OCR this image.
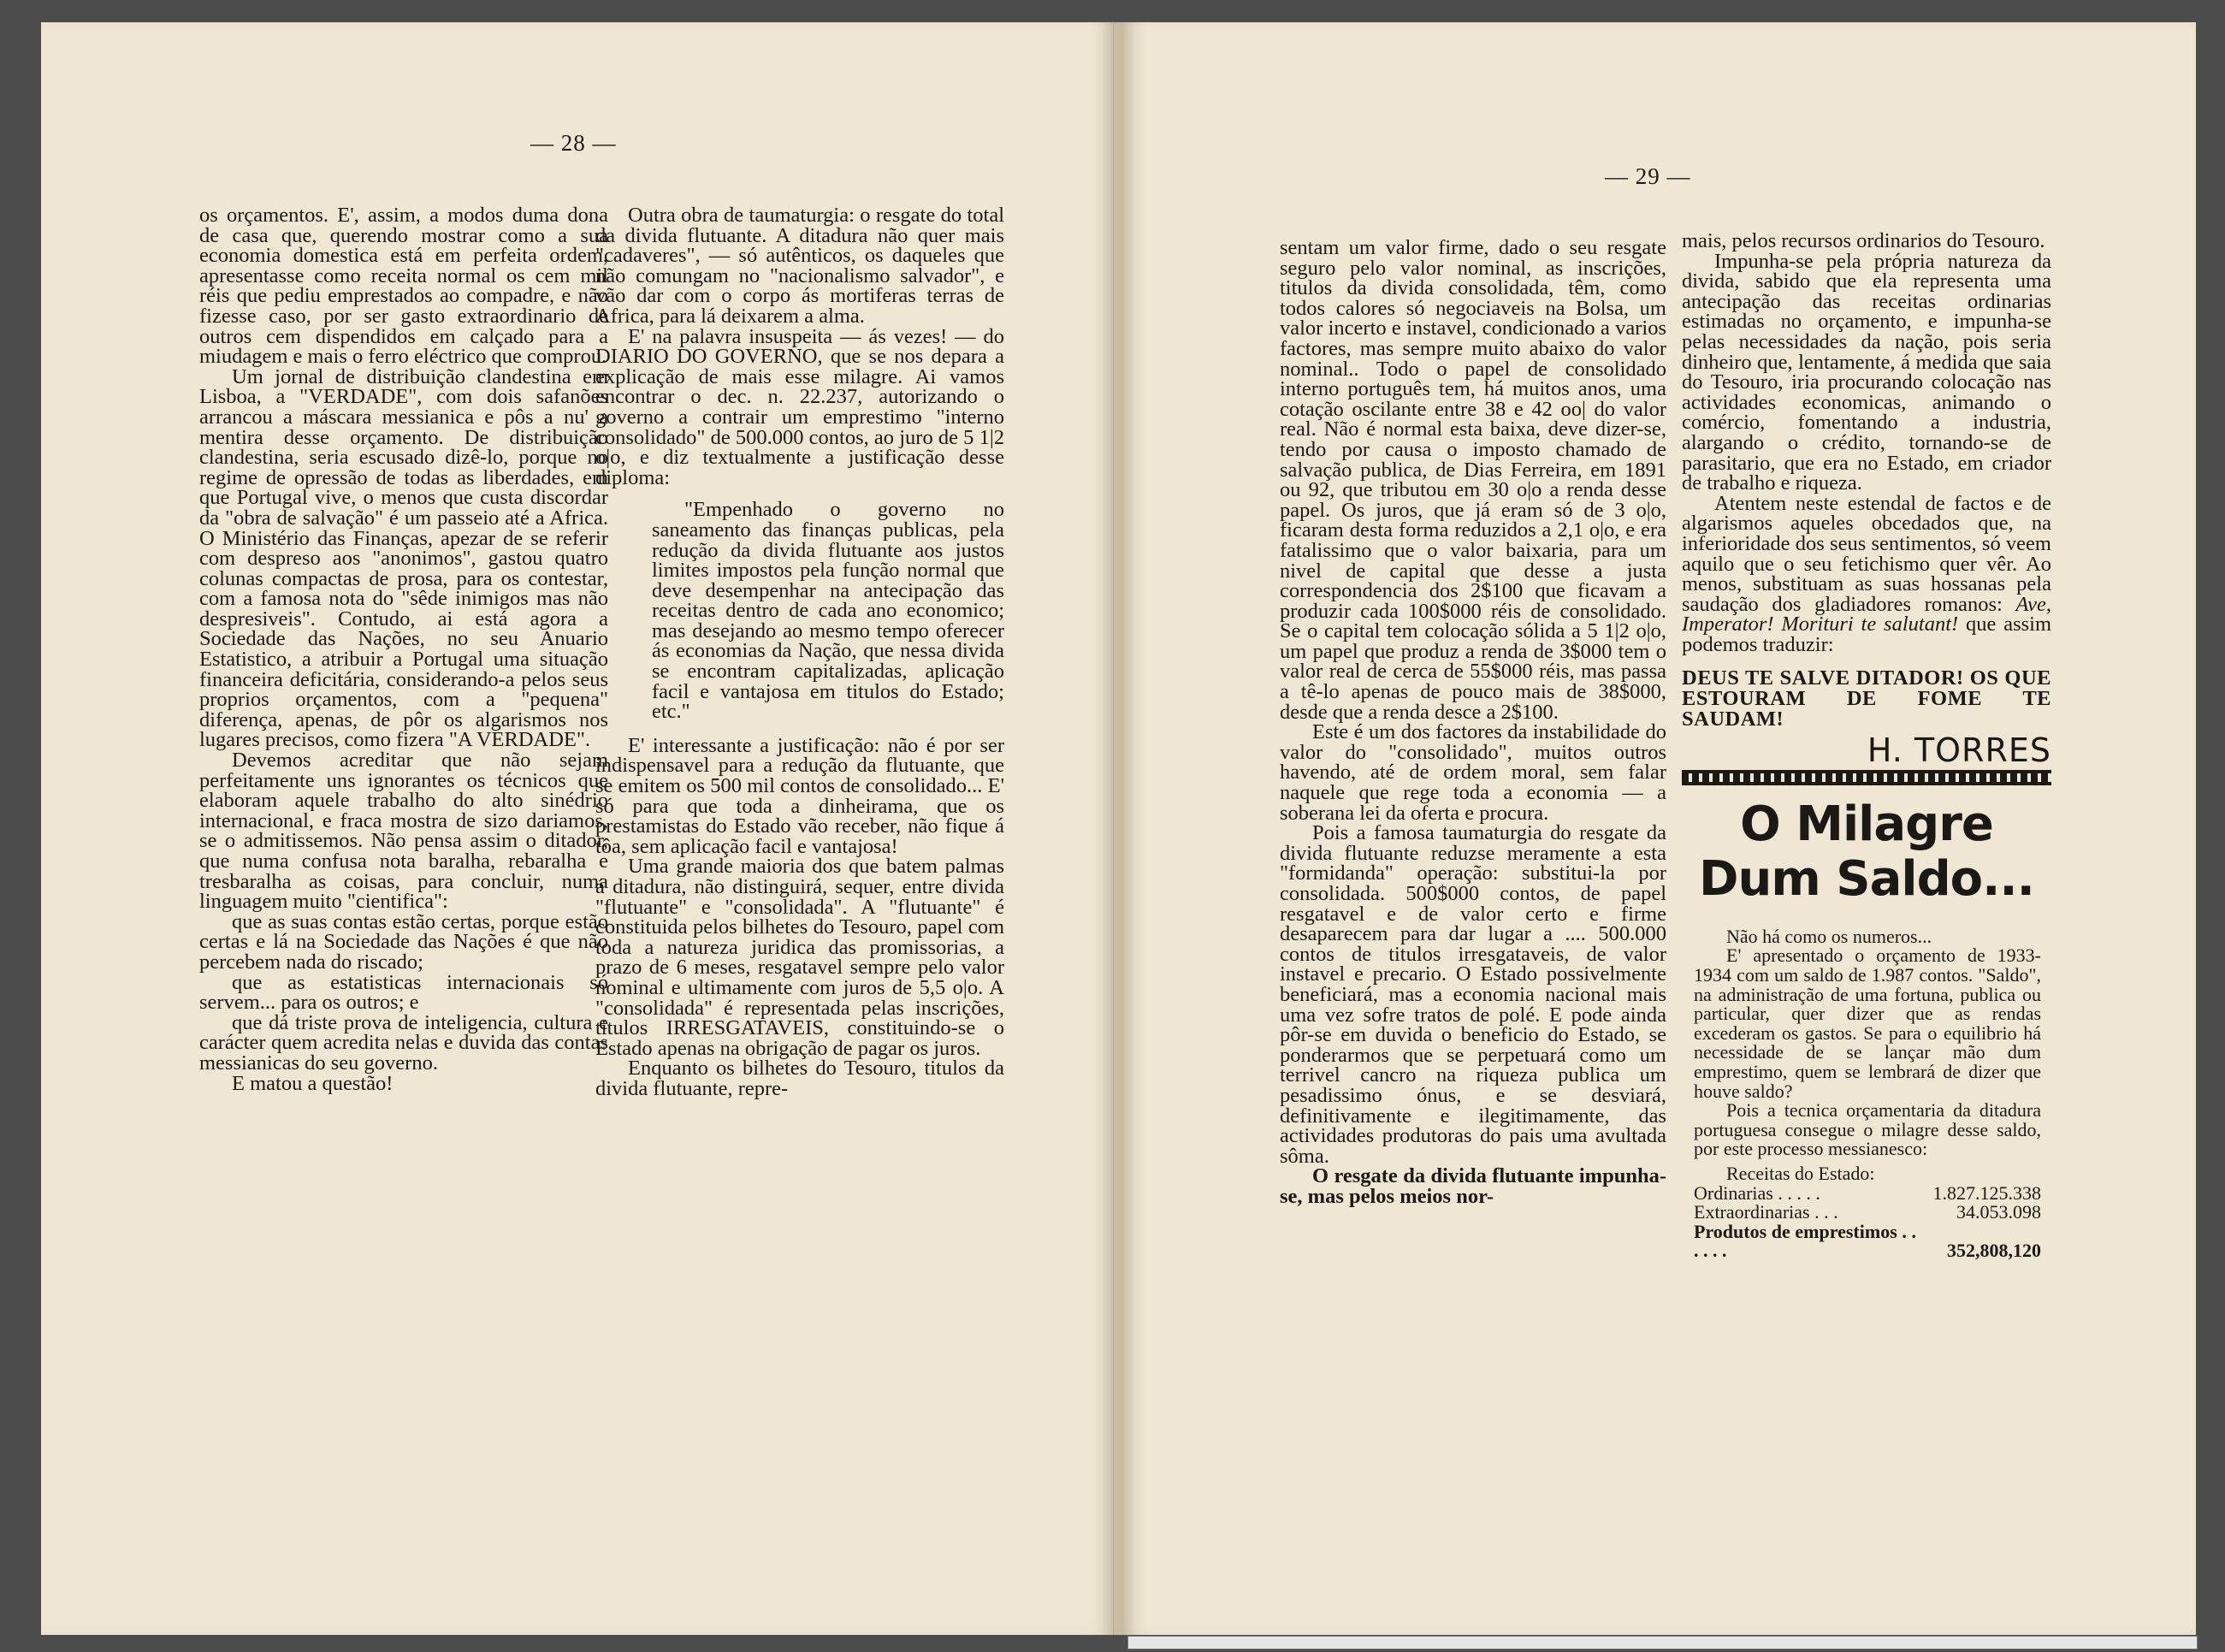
— 28 —

os orçamentos. E', assim, a modos duma dona de casa que, querendo mostrar como a sua economia domestica está em perfeita ordem, apresentasse como receita normal os cem mil réis que pediu emprestados ao compadre, e não fizesse caso, por ser gasto extraordinario de outros cem dispendidos em calçado para a miudagem e mais o ferro eléctrico que comprou.

Um jornal de distribuição clandestina em Lisboa, a "VERDADE", com dois safanões arrancou a máscara messianica e pôs a nu' a mentira desse orçamento. De distribuição clandestina, seria escusado dizê-lo, porque no regime de opressão de todas as liberdades, em que Portugal vive, o menos que custa discordar da "obra de salvação" é um passeio até a Africa. O Ministério das Finanças, apezar de se referir com despreso aos "anonimos", gastou quatro colunas compactas de prosa, para os contestar, com a famosa nota do "sêde inimigos mas não despresiveis". Contudo, ai está agora a Sociedade das Nações, no seu Anuario Estatistico, a atribuir a Portugal uma situação financeira deficitária, considerando-a pelos seus proprios orçamentos, com a "pequena" diferença, apenas, de pôr os algarismos nos lugares precisos, como fizera "A VERDADE".

Devemos acreditar que não sejam perfeitamente uns ignorantes os técnicos que elaboram aquele trabalho do alto sinédrio internacional, e fraca mostra de sizo dariamos, se o admitissemos. Não pensa assim o ditador, que numa confusa nota baralha, rebaralha e tresbaralha as coisas, para concluir, numa linguagem muito "cientifica":

que as suas contas estão certas, porque estão certas e lá na Sociedade das Nações é que não percebem nada do riscado;

que as estatisticas internacionais só servem... para os outros; e

que dá triste prova de inteligencia, cultura e carácter quem acredita nelas e duvida das contas messianicas do seu governo.

E matou a questão!

Outra obra de taumaturgia: o resgate do total da divida flutuante. A ditadura não quer mais "cadaveres", — só autênticos, os daqueles que não comungam no "nacionalismo salvador", e vão dar com o corpo ás mortiferas terras de Africa, para lá deixarem a alma.

E' na palavra insuspeita — ás vezes! — do DIARIO DO GOVERNO, que se nos depara a explicação de mais esse milagre. Ai vamos encontrar o dec. n. 22.237, autorizando o governo a contrair um emprestimo "interno consolidado" de 500.000 contos, ao juro de 5 1|2 o|o, e diz textualmente a justificação desse diploma:

"Empenhado o governo no saneamento das finanças publicas, pela redução da divida flutuante aos justos limites impostos pela função normal que deve desempenhar na antecipação das receitas dentro de cada ano economico; mas desejando ao mesmo tempo oferecer ás economias da Nação, que nessa divida se encontram capitalizadas, aplicação facil e vantajosa em titulos do Estado; etc."

E' interessante a justificação: não é por ser indispensavel para a redução da flutuante, que se emitem os 500 mil contos de consolidado... E' só para que toda a dinheirama, que os prestamistas do Estado vão receber, não fique á tôa, sem aplicação facil e vantajosa!

Uma grande maioria dos que batem palmas á ditadura, não distinguirá, sequer, entre divida "flutuante" e "consolidada". A "flutuante" é constituida pelos bilhetes do Tesouro, papel com toda a natureza juridica das promissorias, a prazo de 6 meses, resgatavel sempre pelo valor nominal e ultimamente com juros de 5,5 o|o. A "consolidada" é representada pelas inscrições, titulos IRRESGATAVEIS, constituindo-se o Estado apenas na obrigação de pagar os juros.

Enquanto os bilhetes do Tesouro, titulos da divida flutuante, repre-

— 29 —

sentam um valor firme, dado o seu resgate seguro pelo valor nominal, as inscrições, titulos da divida consolidada, têm, como todos calores só negociaveis na Bolsa, um valor incerto e instavel, condicionado a varios factores, mas sempre muito abaixo do valor nominal.. Todo o papel de consolidado interno português tem, há muitos anos, uma cotação oscilante entre 38 e 42 oo| do valor real. Não é normal esta baixa, deve dizer-se, tendo por causa o imposto chamado de salvação publica, de Dias Ferreira, em 1891 ou 92, que tributou em 30 o|o a renda desse papel. Os juros, que já eram só de 3 o|o, ficaram desta forma reduzidos a 2,1 o|o, e era fatalissimo que o valor baixaria, para um nivel de capital que desse a justa correspondencia dos 2$100 que ficavam a produzir cada 100$000 réis de consolidado. Se o capital tem colocação sólida a 5 1|2 o|o, um papel que produz a renda de 3$000 tem o valor real de cerca de 55$000 réis, mas passa a tê-lo apenas de pouco mais de 38$000, desde que a renda desce a 2$100.

Este é um dos factores da instabilidade do valor do "consolidado", muitos outros havendo, até de ordem moral, sem falar naquele que rege toda a economia — a soberana lei da oferta e procura.

Pois a famosa taumaturgia do resgate da divida flutuante reduzse meramente a esta "formidanda" operação: substitui-la por consolidada. 500$000 contos, de papel resgatavel e de valor certo e firme desaparecem para dar lugar a .... 500.000 contos de titulos irresgataveis, de valor instavel e precario. O Estado possivelmente beneficiará, mas a economia nacional mais uma vez sofre tratos de polé. E pode ainda pôr-se em duvida o beneficio do Estado, se ponderarmos que se perpetuará como um terrivel cancro na riqueza publica um pesadissimo ónus, e se desviará, definitivamente e ilegitimamente, das actividades produtoras do pais uma avultada sôma.

O resgate da divida flutuante impunha-se, mas pelos meios nor-

mais, pelos recursos ordinarios do Tesouro.

Impunha-se pela própria natureza da divida, sabido que ela representa uma antecipação das receitas ordinarias estimadas no orçamento, e impunha-se pelas necessidades da nação, pois seria dinheiro que, lentamente, á medida que saia do Tesouro, iria procurando colocação nas actividades economicas, animando o comércio, fomentando a industria, alargando o crédito, tornando-se de parasitario, que era no Estado, em criador de trabalho e riqueza.

Atentem neste estendal de factos e de algarismos aqueles obcedados que, na inferioridade dos seus sentimentos, só veem aquilo que o seu fetichismo quer vêr. Ao menos, substituam as suas hossanas pela saudação dos gladiadores romanos: Ave, Imperator! Morituri te salutant! que assim podemos traduzir:

DEUS TE SALVE DITADOR! OS QUE ESTOURAM DE FOME TE SAUDAM!

H. TORRES
O Milagre Dum Saldo...

Não há como os numeros...

E' apresentado o orçamento de 1933-1934 com um saldo de 1.987 contos. "Saldo", na administração de uma fortuna, publica ou particular, quer dizer que as rendas excederam os gastos. Se para o equilibrio há necessidade de se lançar mão dum emprestimo, quem se lembrará de dizer que houve saldo?

Pois a tecnica orçamentaria da ditadura portuguesa consegue o milagre desse saldo, por este processo messianesco:

Receitas do Estado:

Ordinarias . . . . .	1.827.125.338
Extraordinarias . . .	34.053.098
Produtos de emprestimos . . . . . .	352,808,120
